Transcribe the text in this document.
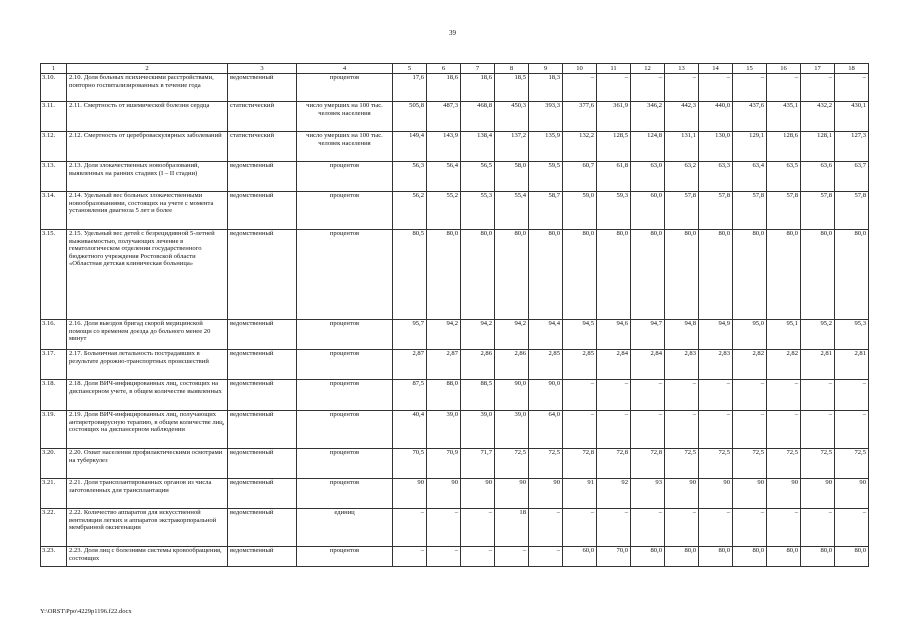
39
1	2	3	4	5	6	7	8	9	10	11	12	13	14	15	16	17	18
3.10.	2.10. Доля больных психическими расстройствами, повторно госпитализированных в течение года	ведомственный	процентов	17,6	18,6	18,6	18,5	18,3	–	–	–	–	–	–	–	–	–
3.11.	2.11. Смертность от ишемической болезни сердца	статистический	число умерших на 100 тыс. человек населения	505,8	487,3	468,8	450,3	393,3	377,6	361,9	346,2	442,3	440,0	437,6	435,1	432,2	430,1
3.12.	2.12. Смертность от цереброваскулярных заболеваний	статистический	число умерших на 100 тыс. человек населения	149,4	143,9	138,4	137,2	135,9	132,2	128,5	124,8	131,1	130,0	129,1	128,6	128,1	127,3
3.13.	2.13. Доля злокачественных новообразований, выявленных на ранних стадиях (I – II стадии)	ведомственный	процентов	56,3	56,4	56,5	58,0	59,5	60,7	61,8	63,0	63,2	63,3	63,4	63,5	63,6	63,7
3.14.	2.14. Удельный вес больных злокачественными новообразованиями, состоящих на учете с момента установления диагноза 5 лет и более	ведомственный	процентов	56,2	55,2	55,3	55,4	58,7	59,0	59,3	60,0	57,8	57,8	57,8	57,8	57,8	57,8
3.15.	2.15. Удельный вес детей с безрецидивной 5-летней выживаемостью, получающих лечение в гематологическом отделении государственного бюджетного учреждения Ростовской области «Областная детская клиническая больница»	ведомственный	процентов	80,5	80,0	80,0	80,0	80,0	80,0	80,0	80,0	80,0	80,0	80,0	80,0	80,0	80,0
3.16.	2.16. Доля выездов бригад скорой медицинской помощи со временем доезда до больного менее 20 минут	ведомственный	процентов	95,7	94,2	94,2	94,2	94,4	94,5	94,6	94,7	94,8	94,9	95,0	95,1	95,2	95,3
3.17.	2.17. Больничная летальность пострадавших в результате дорожно-транспортных происшествий	ведомственный	процентов	2,87	2,87	2,86	2,86	2,85	2,85	2,84	2,84	2,83	2,83	2,82	2,82	2,81	2,81
3.18.	2.18. Доля ВИЧ-инфицированных лиц, состоящих на диспансерном учете, в общем количестве выявленных	ведомственный	процентов	87,5	88,0	88,5	90,0	90,0	–	–	–	–	–	–	–	–	–
3.19.	2.19. Доля ВИЧ-инфицированных лиц, получающих антиретровирусную терапию, в общем количестве лиц, состоящих на диспансерном наблюдении	ведомственный	процентов	40,4	39,0	39,0	39,0	64,0	–	–	–	–	–	–	–	–	–
3.20.	2.20. Охват населения профилактическими осмотрами на туберкулез	ведомственный	процентов	70,5	70,9	71,7	72,5	72,5	72,8	72,8	72,8	72,5	72,5	72,5	72,5	72,5	72,5
3.21.	2.21. Доля трансплантированных органов из числа заготовленных для трансплантации	ведомственный	процентов	90	90	90	90	90	91	92	93	90	90	90	90	90	90
3.22.	2.22. Количество аппаратов для искусственной вентиляции легких и аппаратов экстракорпоральной мембранной оксигенации	ведомственный	единиц	–	–	–	18	–	–	–	–	–	–	–	–	–	–
3.23.	2.23. Доля лиц с болезнями системы кровообращения, состоящих	ведомственный	процентов	–	–	–	–	–	60,0	70,0	80,0	80,0	80,0	80,0	80,0	80,0	80,0
Y:\ORST\Ppo\4229p1196.f22.docx
